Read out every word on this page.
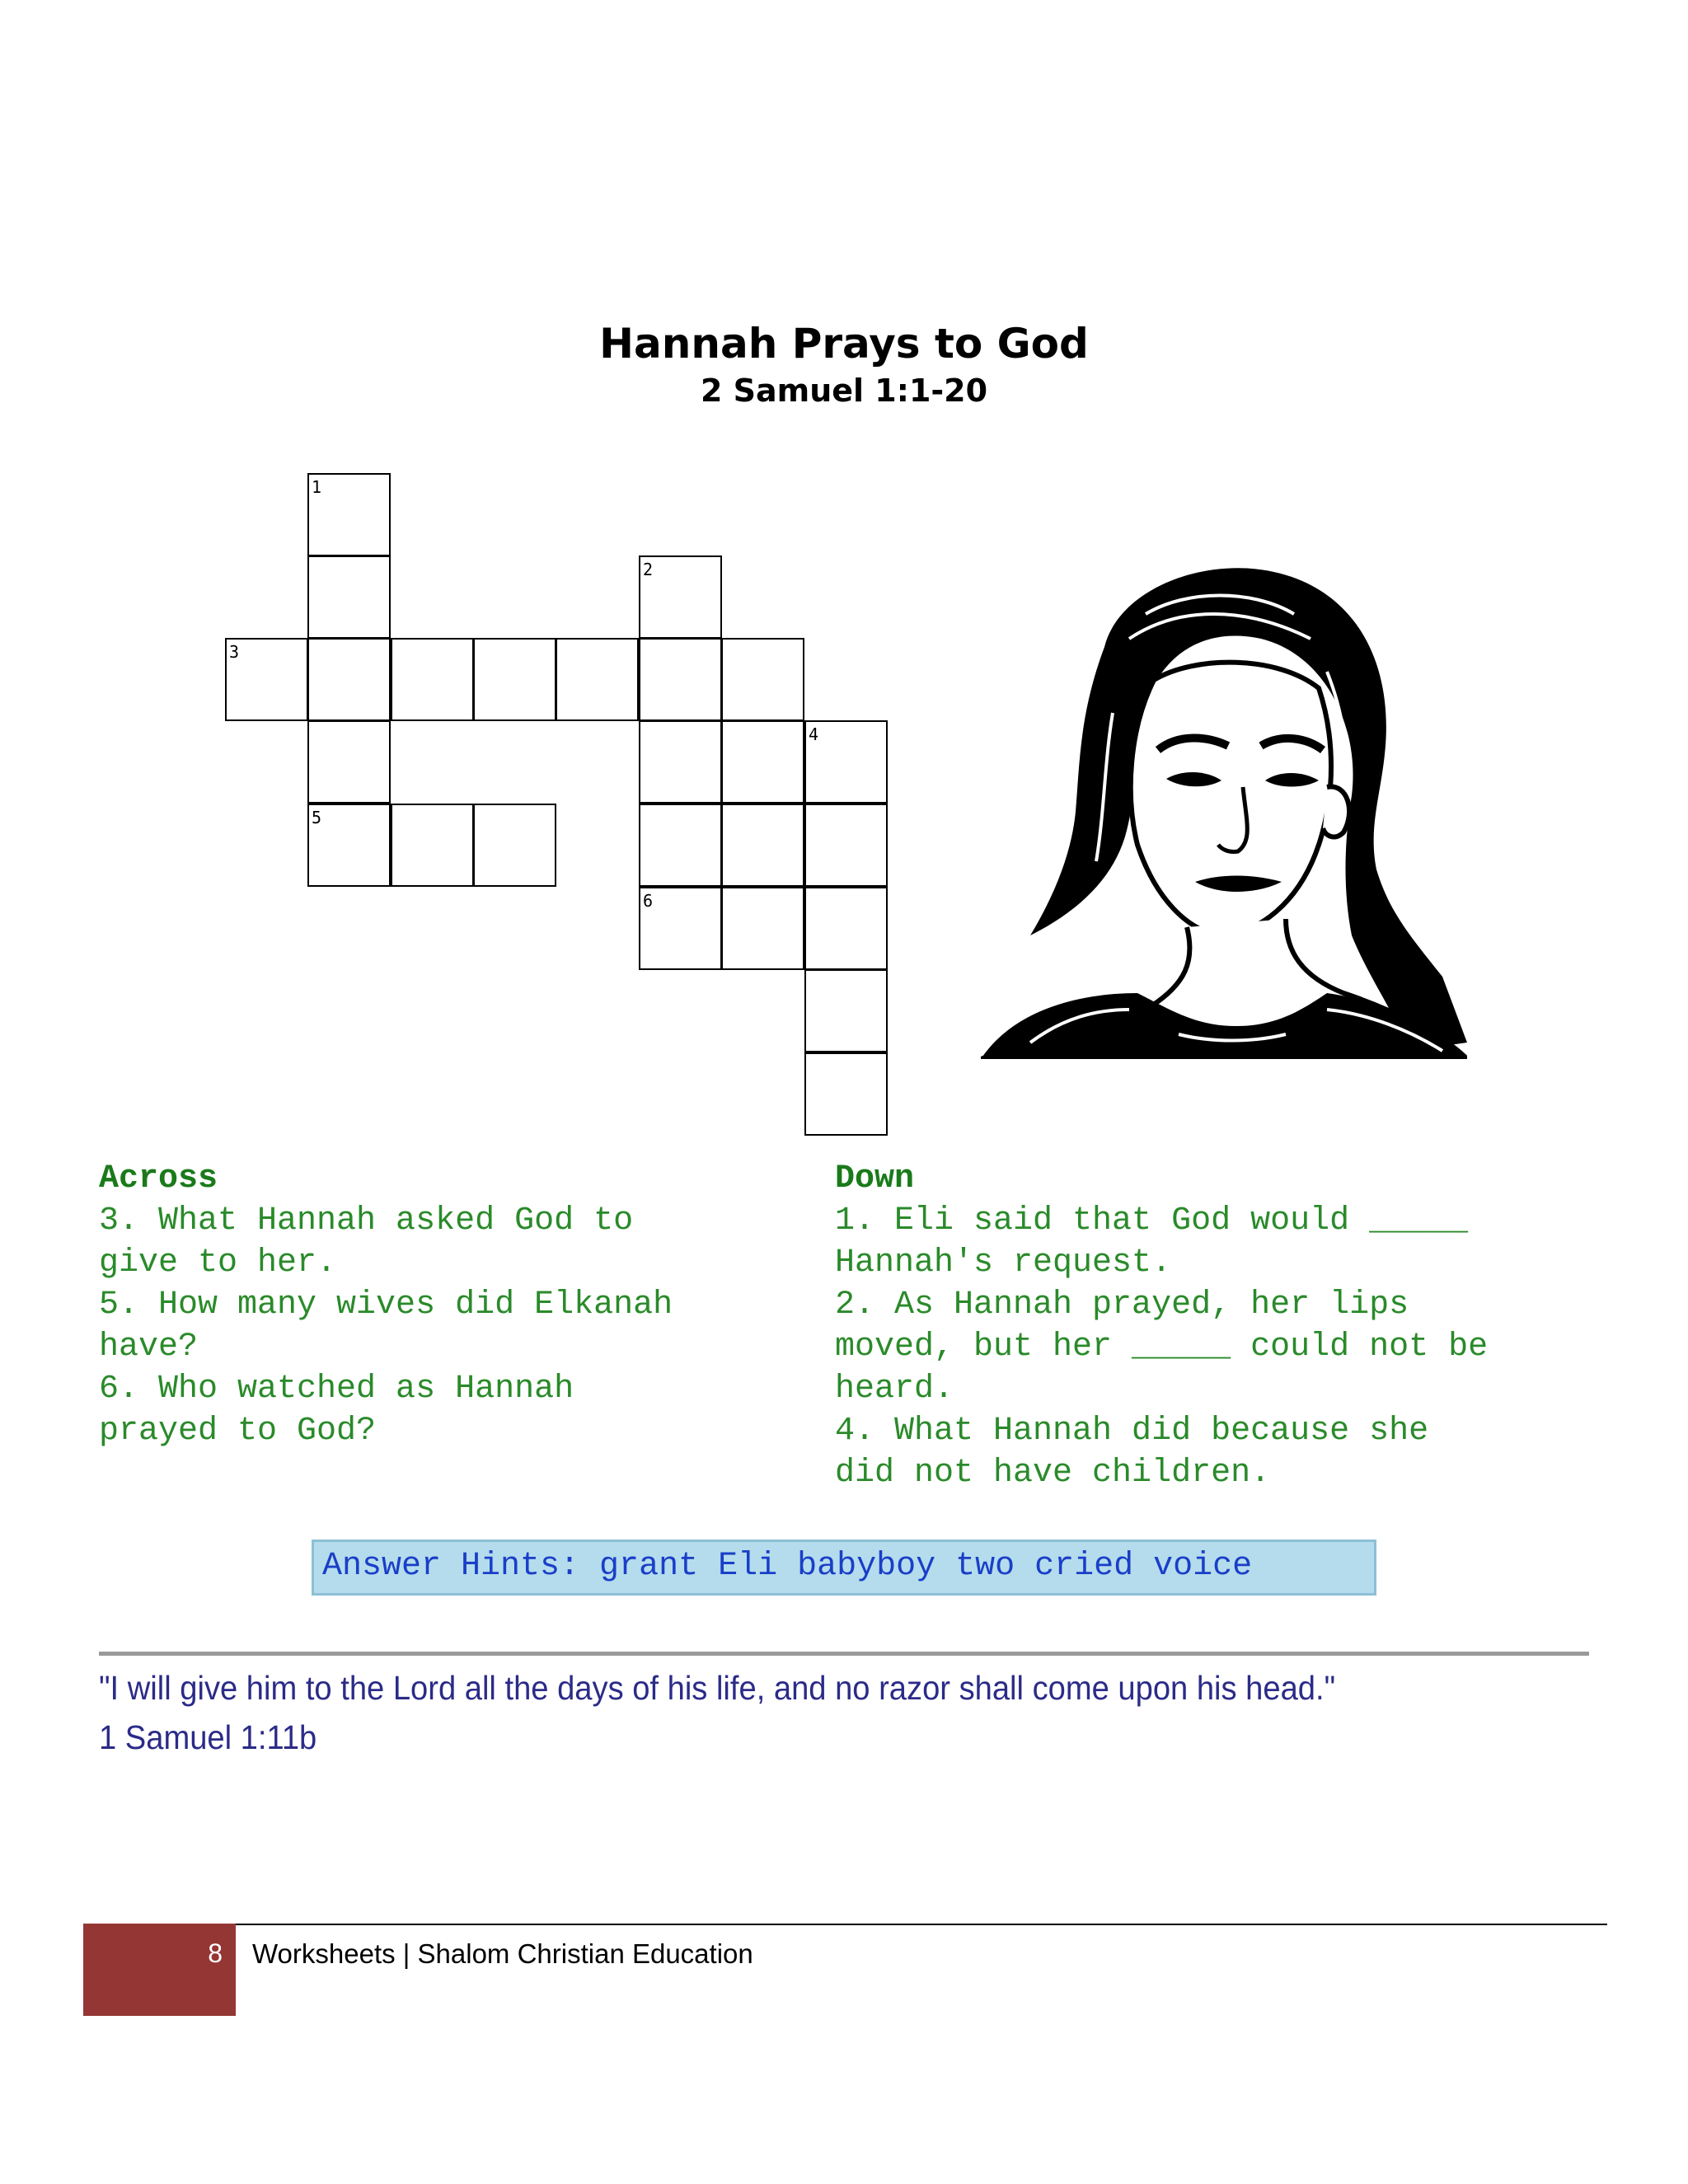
Hannah Prays to God
2 Samuel 1:1-20
1
3
2
5
6
4
Across
3. What Hannah asked God to
give to her.
5. How many wives did Elkanah
have?
6. Who watched as Hannah
prayed to God?
Down
1. Eli said that God would _____
Hannah's request.
2. As Hannah prayed, her lips
moved, but her _____ could not be
heard.
4. What Hannah did because she
did not have children.
Answer Hints: grant Eli babyboy two cried voice
"I will give him to the Lord all the days of his life, and no razor shall come upon his head."
1 Samuel 1:11b
8 Worksheets | Shalom Christian Education
